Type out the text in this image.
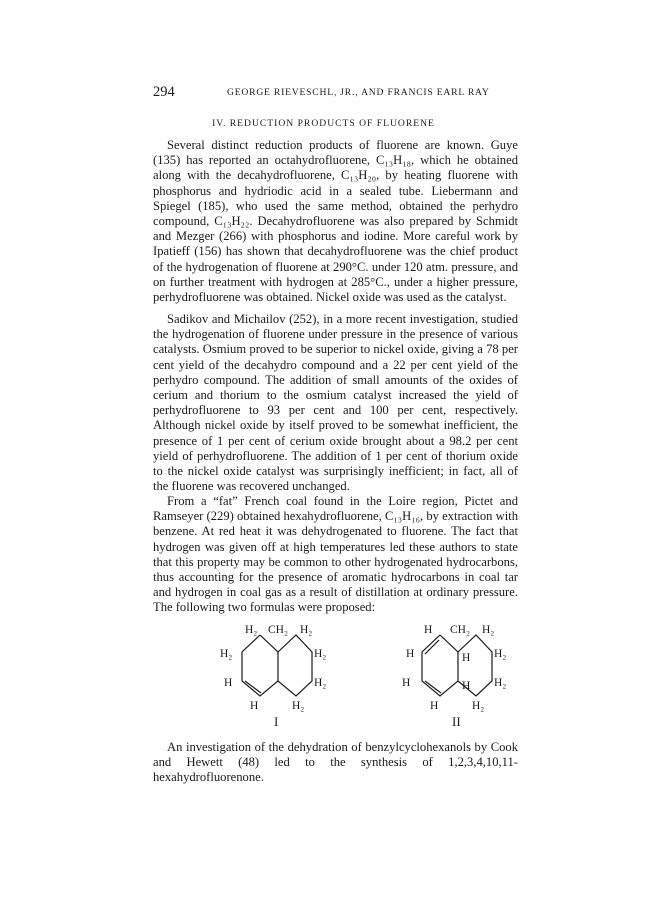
294	GEORGE RIEVESCHL, JR., AND FRANCIS EARL RAY
IV. REDUCTION PRODUCTS OF FLUORENE

Several distinct reduction products of fluorene are known. Guye (135) has reported an octahydrofluorene, C₁₃H₁₈, which he obtained along with the decahydrofluorene, C₁₃H₂₀, by heating fluorene with phosphorus and hydriodic acid in a sealed tube. Liebermann and Spiegel (185), who used the same method, obtained the perhydro compound, C₁₃H₂₂. Decahydrofluorene was also prepared by Schmidt and Mezger (266) with phosphorus and iodine. More careful work by Ipatieff (156) has shown that decahydrofluorene was the chief product of the hydrogenation of fluorene at 290°C. under 120 atm. pressure, and on further treatment with hydrogen at 285°C., under a higher pressure, perhydrofluorene was obtained. Nickel oxide was used as the catalyst.

Sadikov and Michailov (252), in a more recent investigation, studied the hydrogenation of fluorene under pressure in the presence of various catalysts. Osmium proved to be superior to nickel oxide, giving a 78 per cent yield of the decahydro compound and a 22 per cent yield of the perhydro compound. The addition of small amounts of the oxides of cerium and thorium to the osmium catalyst increased the yield of perhydrofluorene to 93 per cent and 100 per cent, respectively. Although nickel oxide by itself proved to be somewhat inefficient, the presence of 1 per cent of cerium oxide brought about a 98.2 per cent yield of perhydrofluorene. The addition of 1 per cent of thorium oxide to the nickel oxide catalyst was surprisingly inefficient; in fact, all of the fluorene was recovered unchanged.

From a “fat” French coal found in the Loire region, Pictet and Ramseyer (229) obtained hexahydrofluorene, C₁₃H₁₆, by extraction with benzene. At red heat it was dehydrogenated to fluorene. The fact that hydrogen was given off at high temperatures led these authors to state that this property may be common to other hydrogenated hydrocarbons, thus accounting for the presence of aromatic hydrocarbons in coal tar and hydrogen in coal gas as a result of distillation at ordinary pressure. The following two formulas were proposed:

H₂ CH₂ H₂
H₂
H
H
H₂
H₂
H₂
I
H CH₂ H₂
H
H
H
H
H
H₂
H₂
H₂
II

An investigation of the dehydration of benzylcyclohexanols by Cook and Hewett (48) led to the synthesis of 1,2,3,4,10,11-hexahydrofluorenone.
